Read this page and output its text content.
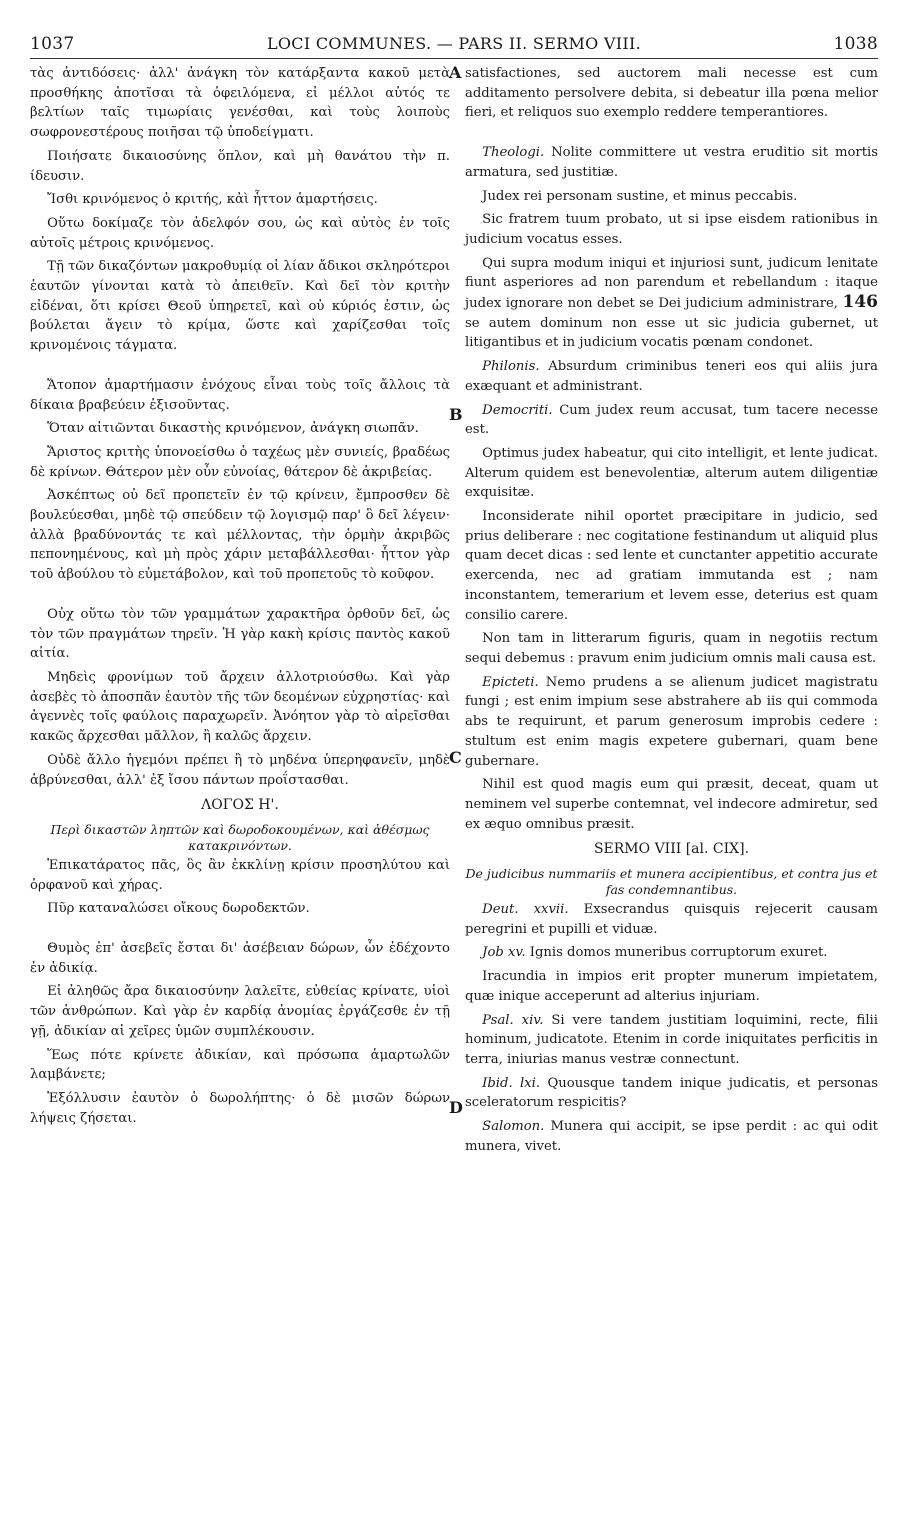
1037	LOCI COMMUNES. — PARS II. SERMO VIII.	1038
A
B
C
D

τὰς ἀντιδόσεις· ἀλλ' ἀνάγκη τὸν κατάρξαντα κακοῦ μετὰ προσθήκης ἀποτῖσαι τὰ ὀφειλόμενα, εἰ μέλλοι αὐτός τε βελτίων ταῖς τιμωρίαις γενέσθαι, καὶ τοὺς λοιποὺς σωφρονεστέρους ποιῆσαι τῷ ὑποδείγματι.

Ποιήσατε δικαιοσύνης ὅπλον, καὶ μὴ θανάτου τὴν π. ίδευσιν.

Ἴσθι κρινόμενος ὁ κριτής, κἀὶ ἧττον ἁμαρτήσεις.

Οὕτω δοκίμαζε τὸν ἀδελφόν σου, ὡς καὶ αὐτὸς ἐν τοῖς αὐτοῖς μέτροις κρινόμενος.

Τῇ τῶν δικαζόντων μακροθυμίᾳ οἱ λίαν ἄδικοι σκληρότεροι ἑαυτῶν γίνονται κατὰ τὸ ἀπειθεῖν. Καὶ δεῖ τὸν κριτὴν εἰδέναι, ὅτι κρίσει Θεοῦ ὑπηρετεῖ, καὶ οὐ κύριός ἐστιν, ὡς βούλεται ἄγειν τὸ κρίμα, ὥστε καὶ χαρίζεσθαι τοῖς κρινομένοις τάγματα.

Ἄτοπον ἁμαρτήμασιν ἐνόχους εἶναι τοὺς τοῖς ἄλλοις τὰ δίκαια βραβεύειν ἐξισοῦντας.

Ὅταν αἰτιῶνται δικαστὴς κρινόμενον, ἀνάγκη σιωπᾶν.

Ἄριστος κριτὴς ὑπονοείσθω ὁ ταχέως μὲν συνιείς, βραδέως δὲ κρίνων. Θάτερον μὲν οὖν εὐνοίας, θάτερον δὲ ἀκριβείας.

Ἀσκέπτως οὐ δεῖ προπετεῖν ἐν τῷ κρίνειν, ἔμπροσθεν δὲ βουλεύεσθαι, μηδὲ τῷ σπεύδειν τῷ λογισμῷ παρ' ὃ δεῖ λέγειν· ἀλλὰ βραδύνοντάς τε καὶ μέλλοντας, τὴν ὁρμὴν ἀκριβῶς πεπονημένους, καὶ μὴ πρὸς χάριν μεταβάλλεσθαι· ἧττον γὰρ τοῦ ἀβούλου τὸ εὐμετάβολον, καὶ τοῦ προπετοῦς τὸ κοῦφον.

Οὐχ οὕτω τὸν τῶν γραμμάτων χαρακτῆρα ὀρθοῦν δεῖ, ὡς τὸν τῶν πραγμάτων τηρεῖν. Ἡ γὰρ κακὴ κρίσις παντὸς κακοῦ αἰτία.

Μηδεὶς φρονίμων τοῦ ἄρχειν ἀλλοτριούσθω. Καὶ γὰρ ἀσεβὲς τὸ ἀποσπᾶν ἑαυτὸν τῆς τῶν δεομένων εὐχρηστίας· καὶ ἀγεννὲς τοῖς φαύλοις παραχωρεῖν. Ἀνόητον γὰρ τὸ αἱρεῖσθαι κακῶς ἄρχεσθαι μᾶλλον, ἢ καλῶς ἄρχειν.

Οὐδὲ ἄλλο ἡγεμόνι πρέπει ἢ τὸ μηδένα ὑπερηφανεῖν, μηδὲ ἀβρύνεσθαι, ἀλλ' ἐξ ἴσου πάντων προΐστασθαι.

ΛΟΓΟΣ Η'.

Περὶ δικαστῶν ληπτῶν καὶ δωροδοκουμένων, καὶ ἀθέσμως κατακρινόντων.

Ἐπικατάρατος πᾶς, ὃς ἂν ἐκκλίνῃ κρίσιν προσηλύτου καὶ ὀρφανοῦ καὶ χήρας.

Πῦρ καταναλώσει οἴκους δωροδεκτῶν.

Θυμὸς ἐπ' ἀσεβεῖς ἔσται δι' ἀσέβειαν δώρων, ὧν ἐδέχοντο ἐν ἀδικίᾳ.

Εἰ ἀληθῶς ἄρα δικαιοσύνην λαλεῖτε, εὐθείας κρίνατε, υἱοὶ τῶν ἀνθρώπων. Καὶ γὰρ ἐν καρδίᾳ ἀνομίας ἐργάζεσθε ἐν τῇ γῇ, ἀδικίαν αἱ χεῖρες ὑμῶν συμπλέκουσιν.

Ἕως πότε κρίνετε ἀδικίαν, καὶ πρόσωπα ἁμαρτωλῶν λαμβάνετε;

Ἐξόλλυσιν ἑαυτὸν ὁ δωρολήπτης· ὁ δὲ μισῶν δώρων λήψεις ζήσεται.

satisfactiones, sed auctorem mali necesse est cum additamento persolvere debita, si debeatur illa pœna melior fieri, et reliquos suo exemplo reddere temperantiores.

Theologi. Nolite committere ut vestra eruditio sit mortis armatura, sed justitiæ.

Judex rei personam sustine, et minus peccabis.

Sic fratrem tuum probato, ut si ipse eisdem rationibus in judicium vocatus esses.

Qui supra modum iniqui et injuriosi sunt, judicum lenitate fiunt asperiores ad non parendum et rebellandum : itaque judex ignorare non debet se Dei judicium administrare, 146 se autem dominum non esse ut sic judicia gubernet, ut litigantibus et in judicium vocatis pœnam condonet.

Philonis. Absurdum criminibus teneri eos qui aliis jura exæquant et administrant.

Democriti. Cum judex reum accusat, tum tacere necesse est.

Optimus judex habeatur, qui cito intelligit, et lente judicat. Alterum quidem est benevolentiæ, alterum autem diligentiæ exquisitæ.

Inconsiderate nihil oportet præcipitare in judicio, sed prius deliberare : nec cogitatione festinandum ut aliquid plus quam decet dicas : sed lente et cunctanter appetitio accurate exercenda, nec ad gratiam immutanda est ; nam inconstantem, temerarium et levem esse, deterius est quam consilio carere.

Non tam in litterarum figuris, quam in negotiis rectum sequi debemus : pravum enim judicium omnis mali causa est.

Epicteti. Nemo prudens a se alienum judicet magistratu fungi ; est enim impium sese abstrahere ab iis qui commoda abs te requirunt, et parum generosum improbis cedere : stultum est enim magis expetere gubernari, quam bene gubernare.

Nihil est quod magis eum qui præsit, deceat, quam ut neminem vel superbe contemnat, vel indecore admiretur, sed ex æquo omnibus præsit.

SERMO VIII [al. CIX].

De judicibus nummariis et munera accipientibus, et contra jus et fas condemnantibus.

Deut. xxvii. Exsecrandus quisquis rejecerit causam peregrini et pupilli et viduæ.

Job xv. Ignis domos muneribus corruptorum exuret.

Iracundia in impios erit propter munerum impietatem, quæ inique acceperunt ad alterius injuriam.

Psal. xiv. Si vere tandem justitiam loquimini, recte, filii hominum, judicatote. Etenim in corde iniquitates perficitis in terra, iniurias manus vestræ connectunt.

Ibid. lxi. Quousque tandem inique judicatis, et personas sceleratorum respicitis?

Salomon. Munera qui accipit, se ipse perdit : ac qui odit munera, vivet.
